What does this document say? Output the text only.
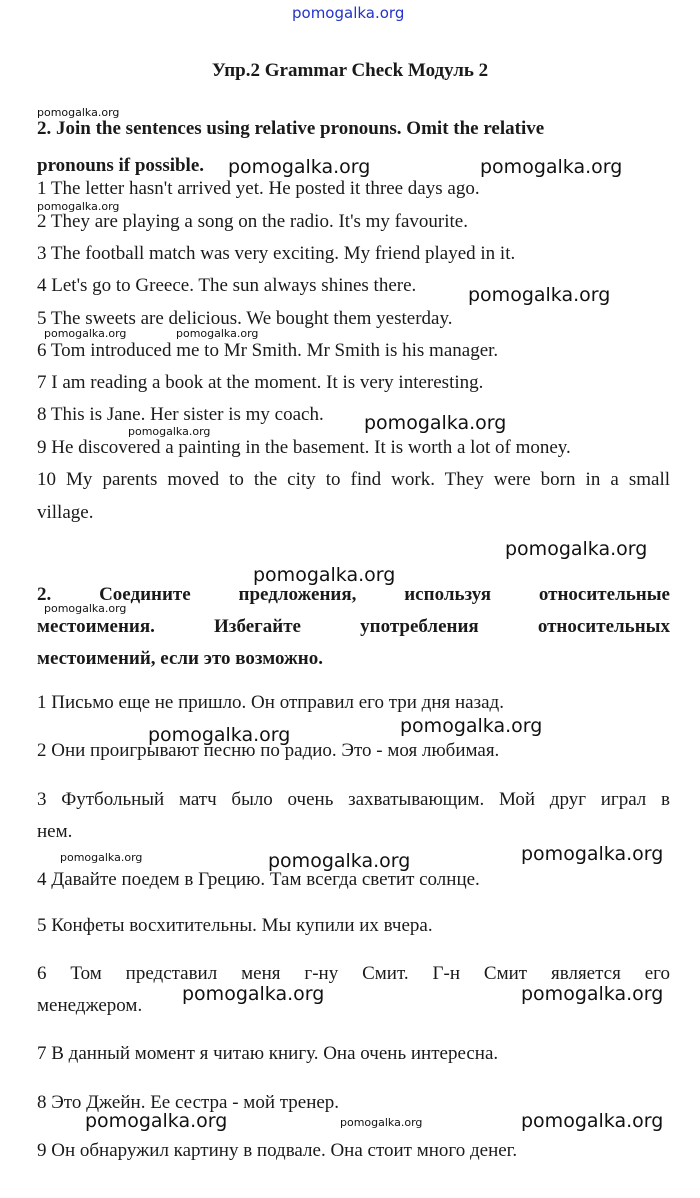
pomogalka.org
pomogalka.org
pomogalka.org	pomogalka.org
pomogalka.org
pomogalka.org
pomogalka.org	pomogalka.org
pomogalka.org
pomogalka.org
pomogalka.org
pomogalka.org
pomogalka.org
pomogalka.org
pomogalka.org
pomogalka.org
pomogalka.org	pomogalka.org
pomogalka.org	pomogalka.org
pomogalka.org	pomogalka.org	pomogalka.org
Упр.2 Grammar Check Модуль 2
2. Join the sentences using relative pronouns. Omit the relative
pronouns if possible.
1 The letter hasn't arrived yet. He posted it three days ago.
2 They are playing a song on the radio. It's my favourite.
3 The football match was very exciting. My friend played in it.
4 Let's go to Greece. The sun always shines there.
5 The sweets are delicious. We bought them yesterday.
6 Tom introduced me to Mr Smith. Mr Smith is his manager.
7 I am reading a book at the moment. It is very interesting.
8 This is Jane. Her sister is my coach.
9 He discovered a painting in the basement. It is worth a lot of money.
10 My parents moved to the city to find work. They were born in a small
village.
2. Соедините предложения, используя относительные
местоимения. Избегайте употребления относительных
местоимений, если это возможно.
1 Письмо еще не пришло. Он отправил его три дня назад.
2 Они проигрывают песню по радио. Это - моя любимая.
3 Футбольный матч было очень захватывающим. Мой друг играл в
нем.
4 Давайте поедем в Грецию. Там всегда светит солнце.
5 Конфеты восхитительны. Мы купили их вчера.
6 Том представил меня г-ну Смит. Г-н Смит является его
менеджером.
7 В данный момент я читаю книгу. Она очень интересна.
8 Это Джейн. Ее сестра - мой тренер.
9 Он обнаружил картину в подвале. Она стоит много денег.
